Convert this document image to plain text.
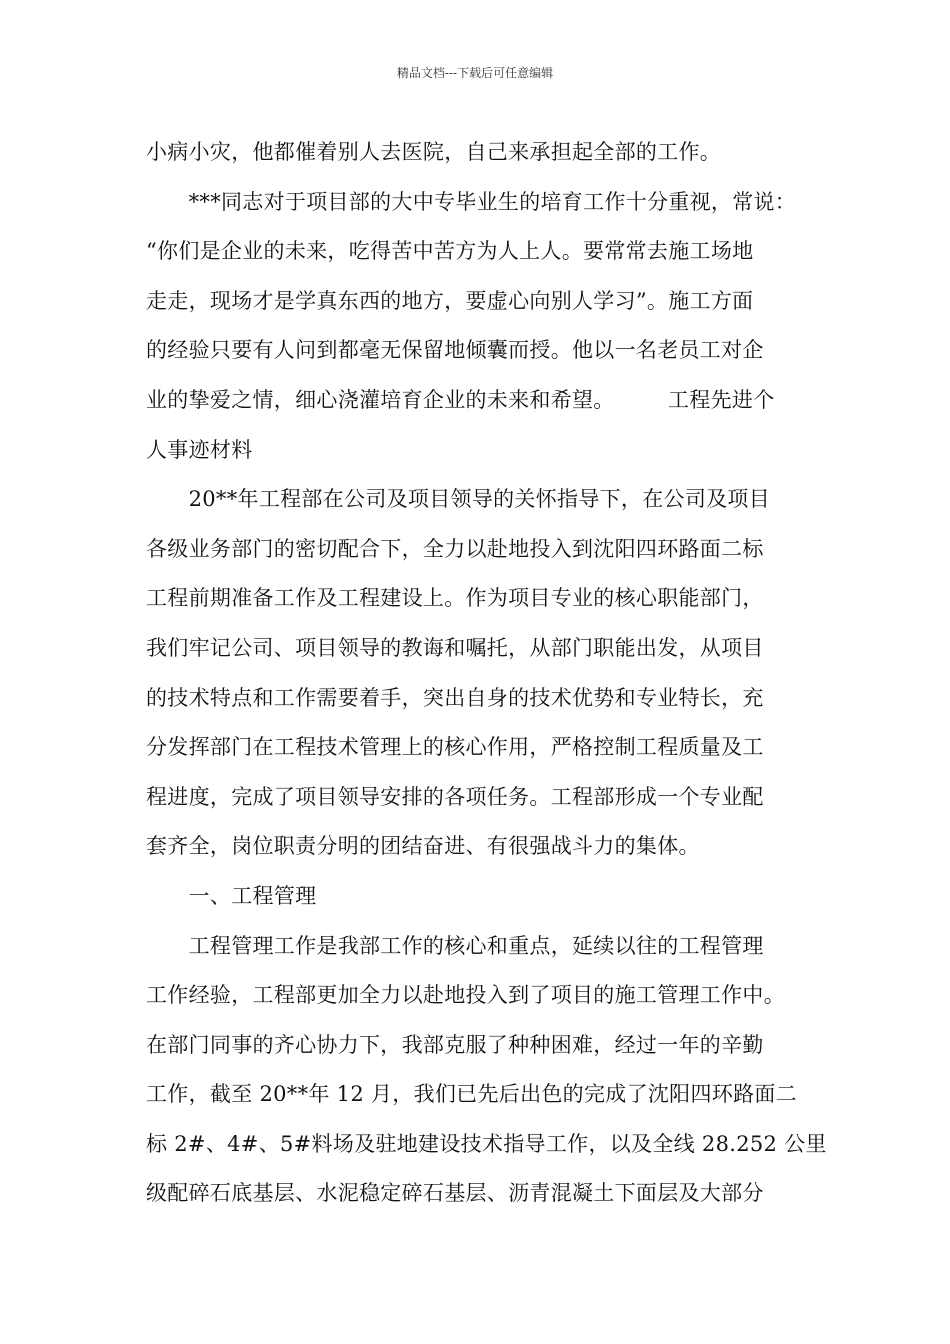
精品文档---下载后可任意编辑
小病小灾，他都催着别人去医院，自己来承担起全部的工作。
　　***同志对于项目部的大中专毕业生的培育工作十分重视，常说：
“你们是企业的未来，吃得苦中苦方为人上人。要常常去施工场地
走走，现场才是学真东西的地方，要虚心向别人学习”。施工方面
的经验只要有人问到都毫无保留地倾囊而授。他以一名老员工对企
业的挚爱之情，细心浇灌培育企业的未来和希望。　　　工程先进个
人事迹材料
　　20**年工程部在公司及项目领导的关怀指导下，在公司及项目
各级业务部门的密切配合下，全力以赴地投入到沈阳四环路面二标
工程前期准备工作及工程建设上。作为项目专业的核心职能部门，
我们牢记公司、项目领导的教诲和嘱托，从部门职能出发，从项目
的技术特点和工作需要着手，突出自身的技术优势和专业特长，充
分发挥部门在工程技术管理上的核心作用，严格控制工程质量及工
程进度，完成了项目领导安排的各项任务。工程部形成一个专业配
套齐全，岗位职责分明的团结奋进、有很强战斗力的集体。
　　一、工程管理
　　工程管理工作是我部工作的核心和重点，延续以往的工程管理
工作经验，工程部更加全力以赴地投入到了项目的施工管理工作中。
在部门同事的齐心协力下，我部克服了种种困难，经过一年的辛勤
工作，截至 20**年 12 月，我们已先后出色的完成了沈阳四环路面二
标 2#、4#、5#料场及驻地建设技术指导工作，以及全线 28.252 公里
级配碎石底基层、水泥稳定碎石基层、沥青混凝土下面层及大部分
